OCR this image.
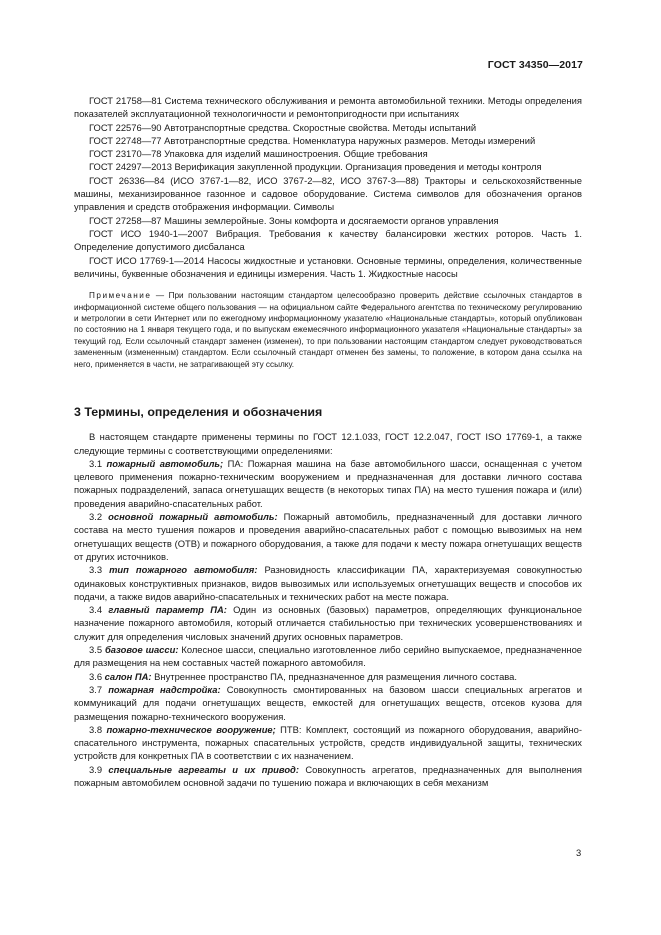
ГОСТ 34350—2017

ГОСТ 21758—81 Система технического обслуживания и ремонта автомобильной техники. Методы определения показателей эксплуатационной технологичности и ремонтопригодности при испытаниях

ГОСТ 22576—90 Автотранспортные средства. Скоростные свойства. Методы испытаний

ГОСТ 22748—77 Автотранспортные средства. Номенклатура наружных размеров. Методы измерений

ГОСТ 23170—78 Упаковка для изделий машиностроения. Общие требования

ГОСТ 24297—2013 Верификация закупленной продукции. Организация проведения и методы контроля

ГОСТ 26336—84 (ИСО 3767-1—82, ИСО 3767-2—82, ИСО 3767-3—88) Тракторы и сельскохозяйственные машины, механизированное газонное и садовое оборудование. Система символов для обозначения органов управления и средств отображения информации. Символы

ГОСТ 27258—87 Машины землеройные. Зоны комфорта и досягаемости органов управления

ГОСТ ИСО 1940-1—2007 Вибрация. Требования к качеству балансировки жестких роторов. Часть 1. Определение допустимого дисбаланса

ГОСТ ИСО 17769-1—2014 Насосы жидкостные и установки. Основные термины, определения, количественные величины, буквенные обозначения и единицы измерения. Часть 1. Жидкостные насосы

Примечание — При пользовании настоящим стандартом целесообразно проверить действие ссылочных стандартов в информационной системе общего пользования — на официальном сайте Федерального агентства по техническому регулированию и метрологии в сети Интернет или по ежегодному информационному указателю «Национальные стандарты», который опубликован по состоянию на 1 января текущего года, и по выпускам ежемесячного информационного указателя «Национальные стандарты» за текущий год. Если ссылочный стандарт заменен (изменен), то при пользовании настоящим стандартом следует руководствоваться замененным (измененным) стандартом. Если ссылочный стандарт отменен без замены, то положение, в котором дана ссылка на него, применяется в части, не затрагивающей эту ссылку.

3 Термины, определения и обозначения

В настоящем стандарте применены термины по ГОСТ 12.1.033, ГОСТ 12.2.047, ГОСТ ISO 17769-1, а также следующие термины с соответствующими определениями:

3.1 пожарный автомобиль; ПА: Пожарная машина на базе автомобильного шасси, оснащенная с учетом целевого применения пожарно-техническим вооружением и предназначенная для доставки личного состава пожарных подразделений, запаса огнетушащих веществ (в некоторых типах ПА) на место тушения пожара и (или) проведения аварийно-спасательных работ.

3.2 основной пожарный автомобиль: Пожарный автомобиль, предназначенный для доставки личного состава на место тушения пожаров и проведения аварийно-спасательных работ с помощью вывозимых на нем огнетушащих веществ (ОТВ) и пожарного оборудования, а также для подачи к месту пожара огнетушащих веществ от других источников.

3.3 тип пожарного автомобиля: Разновидность классификации ПА, характеризуемая совокупностью одинаковых конструктивных признаков, видов вывозимых или используемых огнетушащих веществ и способов их подачи, а также видов аварийно-спасательных и технических работ на месте пожара.

3.4 главный параметр ПА: Один из основных (базовых) параметров, определяющих функциональное назначение пожарного автомобиля, который отличается стабильностью при технических усовершенствованиях и служит для определения числовых значений других основных параметров.

3.5 базовое шасси: Колесное шасси, специально изготовленное либо серийно выпускаемое, предназначенное для размещения на нем составных частей пожарного автомобиля.

3.6 салон ПА: Внутреннее пространство ПА, предназначенное для размещения личного состава.

3.7 пожарная надстройка: Совокупность смонтированных на базовом шасси специальных агрегатов и коммуникаций для подачи огнетушащих веществ, емкостей для огнетушащих веществ, отсеков кузова для размещения пожарно-технического вооружения.

3.8 пожарно-техническое вооружение; ПТВ: Комплект, состоящий из пожарного оборудования, аварийно-спасательного инструмента, пожарных спасательных устройств, средств индивидуальной защиты, технических устройств для конкретных ПА в соответствии с их назначением.

3.9 специальные агрегаты и их привод: Совокупность агрегатов, предназначенных для выполнения пожарным автомобилем основной задачи по тушению пожара и включающих в себя механизм

3
